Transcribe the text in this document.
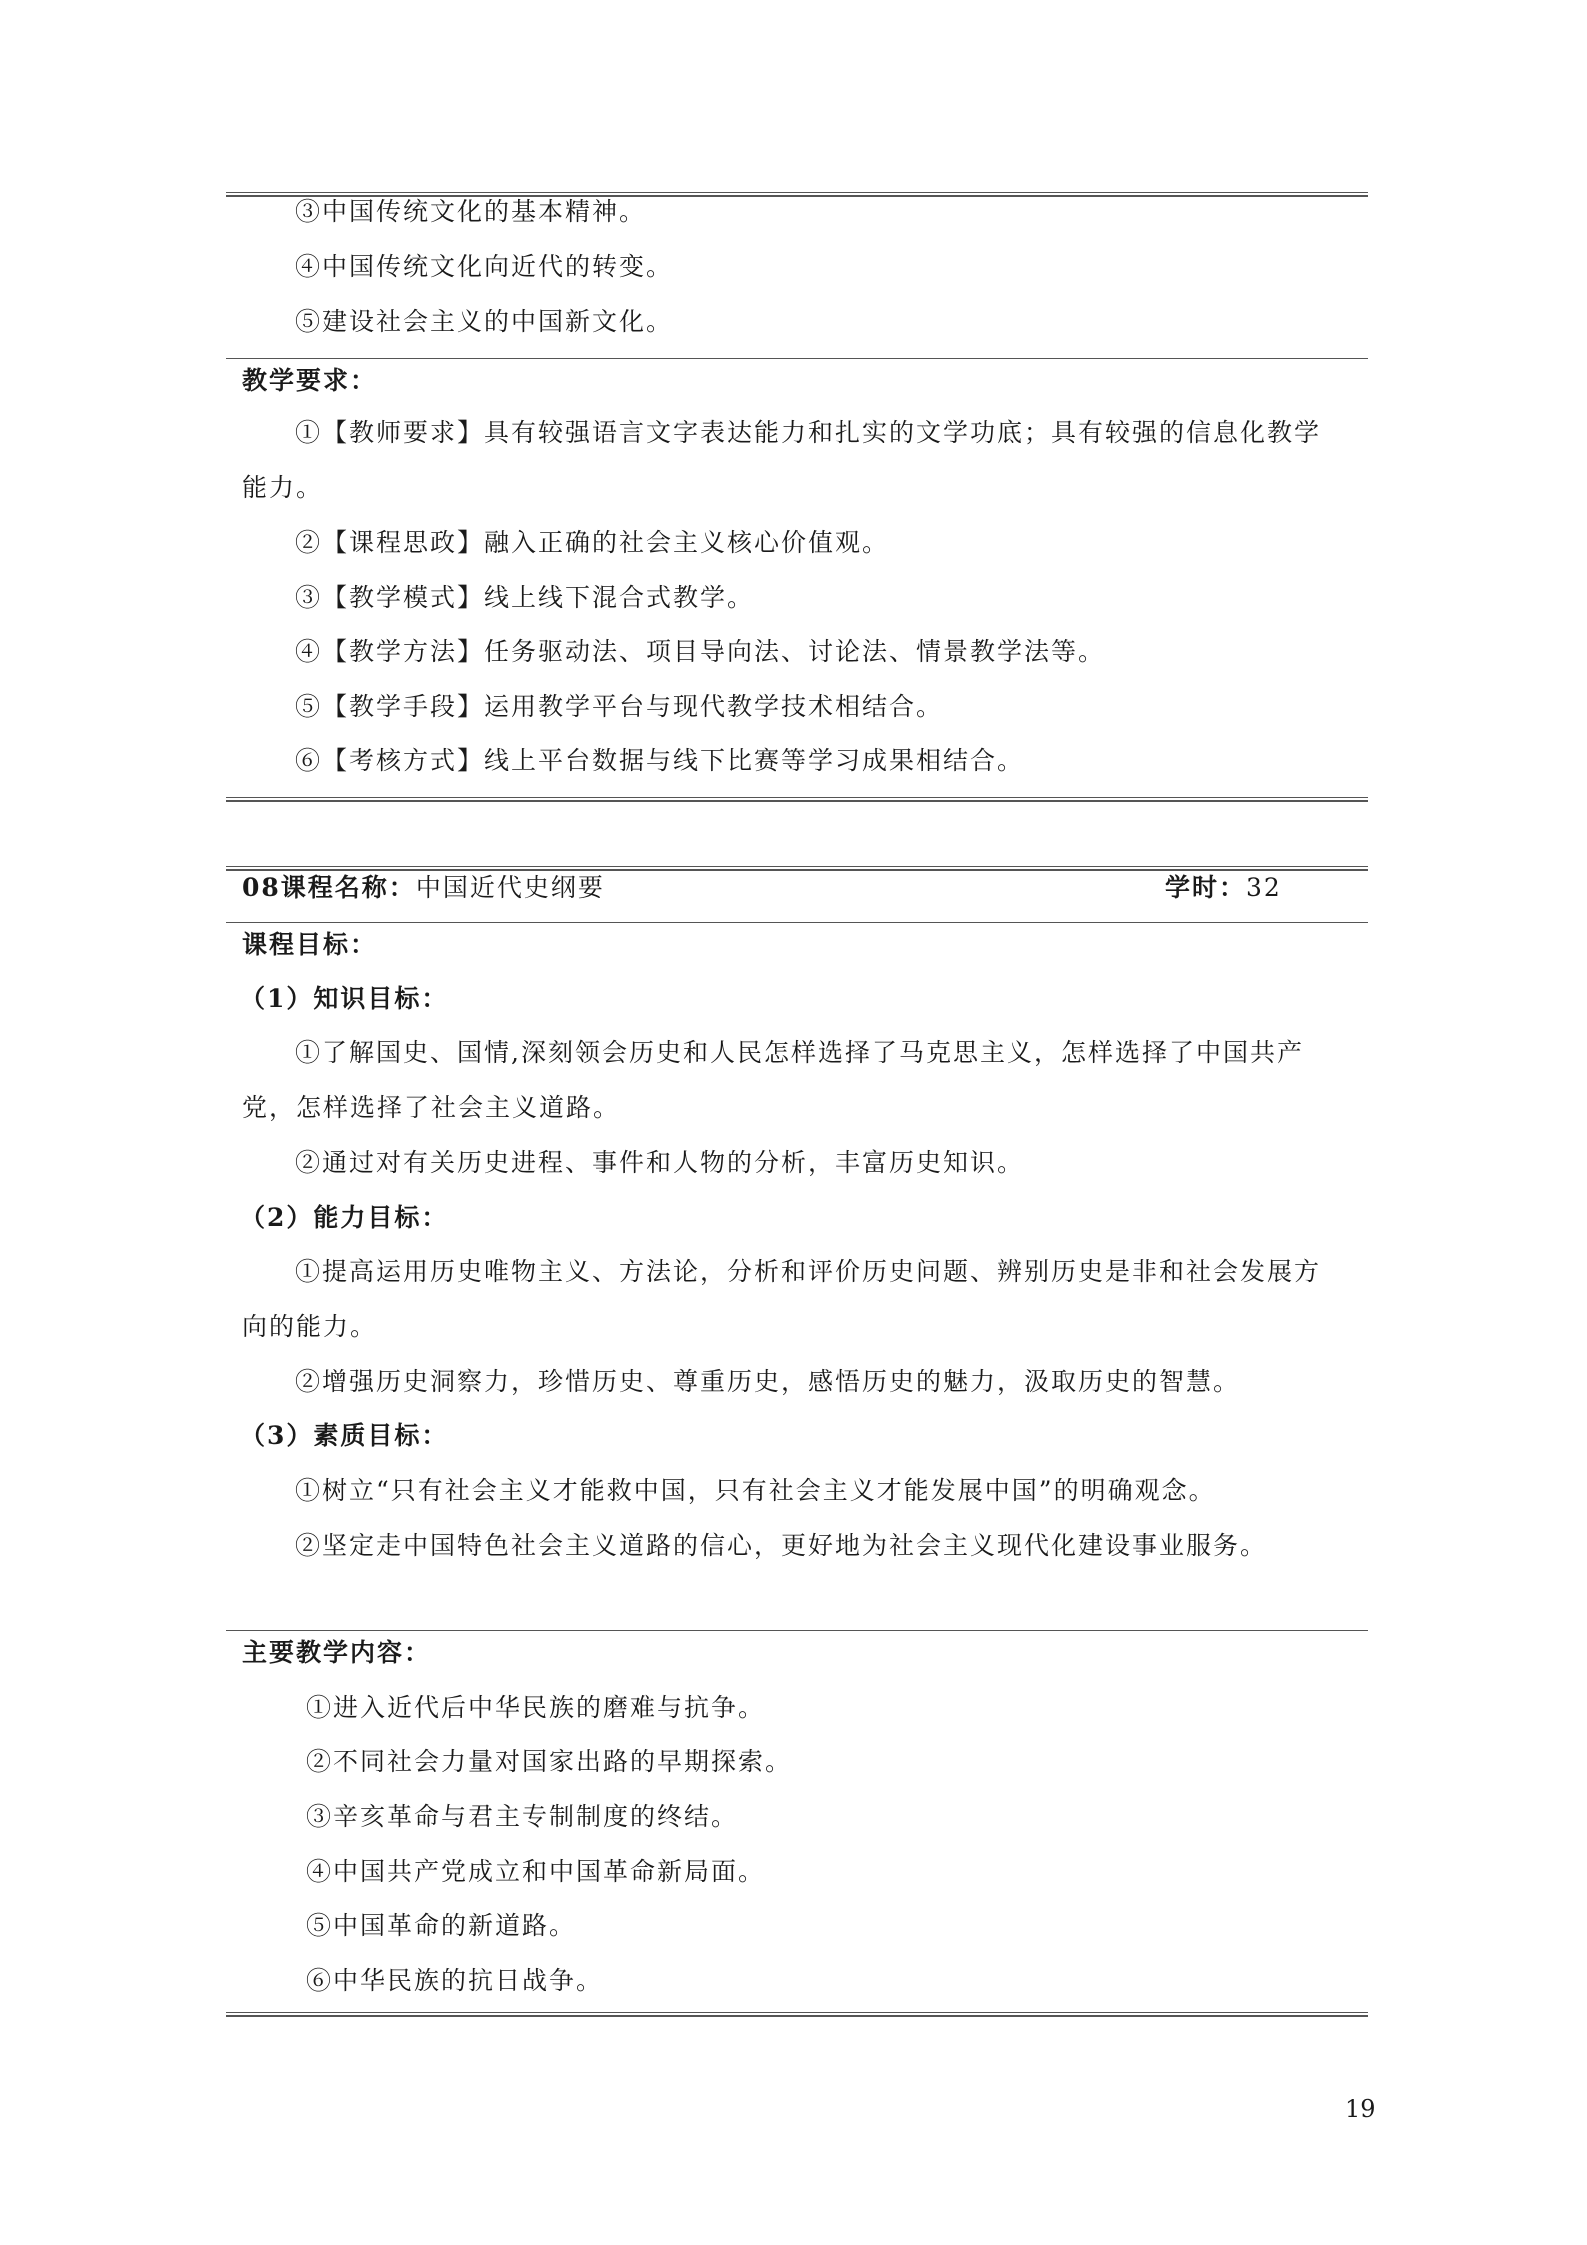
③中国传统文化的基本精神。
④中国传统文化向近代的转变。
⑤建设社会主义的中国新文化。
教学要求：
①【教师要求】具有较强语言文字表达能力和扎实的文学功底；具有较强的信息化教学
能力。
②【课程思政】融入正确的社会主义核心价值观。
③【教学模式】线上线下混合式教学。
④【教学方法】任务驱动法、项目导向法、讨论法、情景教学法等。
⑤【教学手段】运用教学平台与现代教学技术相结合。
⑥【考核方式】线上平台数据与线下比赛等学习成果相结合。
08课程名称：中国近代史纲要	学时：32
课程目标：
（1）知识目标：
①了解国史、国情,深刻领会历史和人民怎样选择了马克思主义，怎样选择了中国共产
党，怎样选择了社会主义道路。
②通过对有关历史进程、事件和人物的分析，丰富历史知识。
（2）能力目标：
①提高运用历史唯物主义、方法论，分析和评价历史问题、辨别历史是非和社会发展方
向的能力。
②增强历史洞察力，珍惜历史、尊重历史，感悟历史的魅力，汲取历史的智慧。
（3）素质目标：
①树立“只有社会主义才能救中国，只有社会主义才能发展中国”的明确观念。
②坚定走中国特色社会主义道路的信心，更好地为社会主义现代化建设事业服务。
主要教学内容：
①进入近代后中华民族的磨难与抗争。
②不同社会力量对国家出路的早期探索。
③辛亥革命与君主专制制度的终结。
④中国共产党成立和中国革命新局面。
⑤中国革命的新道路。
⑥中华民族的抗日战争。
19
